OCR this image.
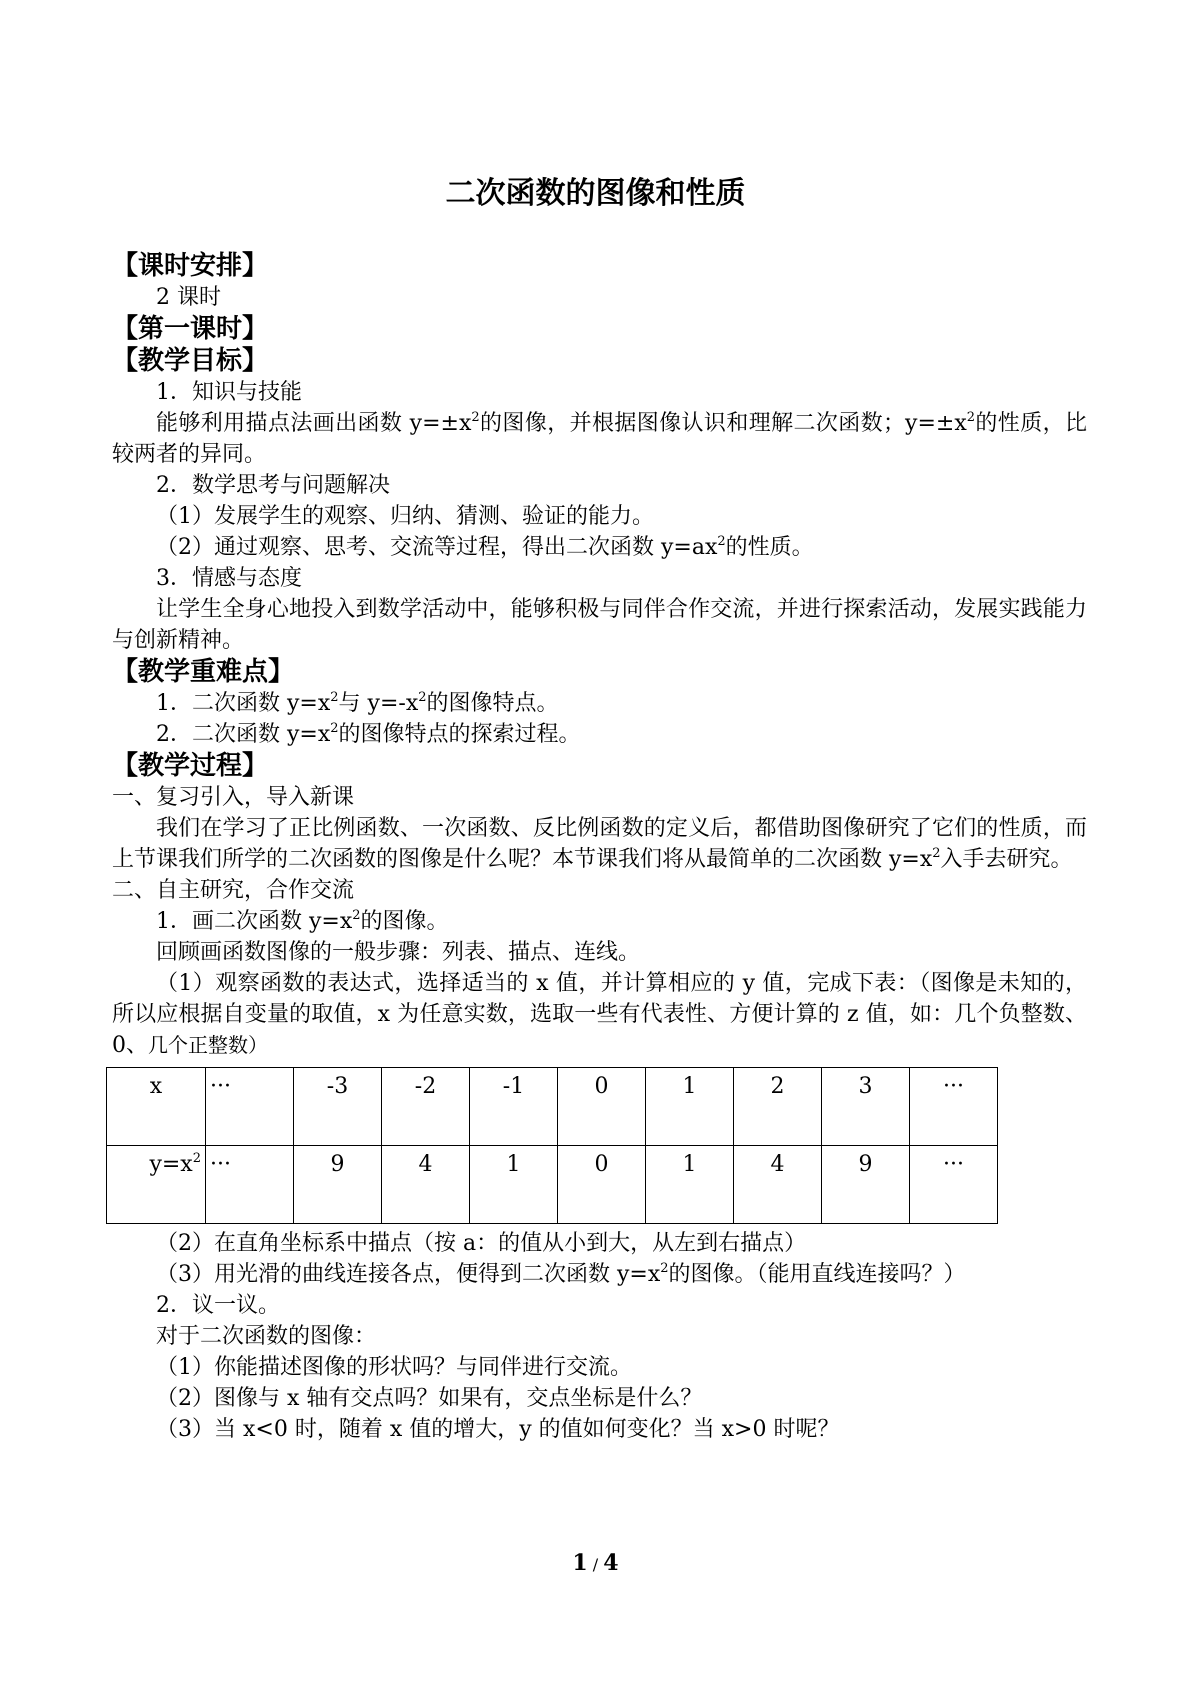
二次函数的图像和性质

【课时安排】

2 课时

【第一课时】

【教学目标】

1．知识与技能

能够利用描点法画出函数 $y=\pm x^2$的图像，并根据图像认识和理解二次函数；$y=\pm x^2$的性质，比较两者的异同。

2．数学思考与问题解决

（1）发展学生的观察、归纳、猜测、验证的能力。

（2）通过观察、思考、交流等过程，得出二次函数 $y=ax^2$的性质。

3．情感与态度

让学生全身心地投入到数学活动中，能够积极与同伴合作交流，并进行探索活动，发展实践能力与创新精神。

【教学重难点】

1．二次函数 $y=x^2$与 $y=-x^2$的图像特点。

2．二次函数 $y=x^2$的图像特点的探索过程。

【教学过程】

一、复习引入，导入新课

我们在学习了正比例函数、一次函数、反比例函数的定义后，都借助图像研究了它们的性质，而上节课我们所学的二次函数的图像是什么呢？本节课我们将从最简单的二次函数 $y=x^2$入手去研究。

二、自主研究，合作交流

1．画二次函数 $y=x^2$的图像。

回顾画函数图像的一般步骤：列表、描点、连线。

（1）观察函数的表达式，选择适当的 x 值，并计算相应的 y 值，完成下表：（图像是未知的，所以应根据自变量的取值，x 为任意实数，选取一些有代表性、方便计算的 z 值，如：几个负整数、0、几个正整数）

x	···	-3	-2	-1	0	1	2	3	···
$y=x^2$	···	9	4	1	0	1	4	9	···

（2）在直角坐标系中描点（按 a：的值从小到大，从左到右描点）

（3）用光滑的曲线连接各点，便得到二次函数 $y=x^2$的图像。（能用直线连接吗？）

2．议一议。

对于二次函数的图像：

（1）你能描述图像的形状吗？与同伴进行交流。

（2）图像与 x 轴有交点吗？如果有，交点坐标是什么？

（3）当 x<0 时，随着 x 值的增大，y 的值如何变化？当 x>0 时呢？

1 / 4
